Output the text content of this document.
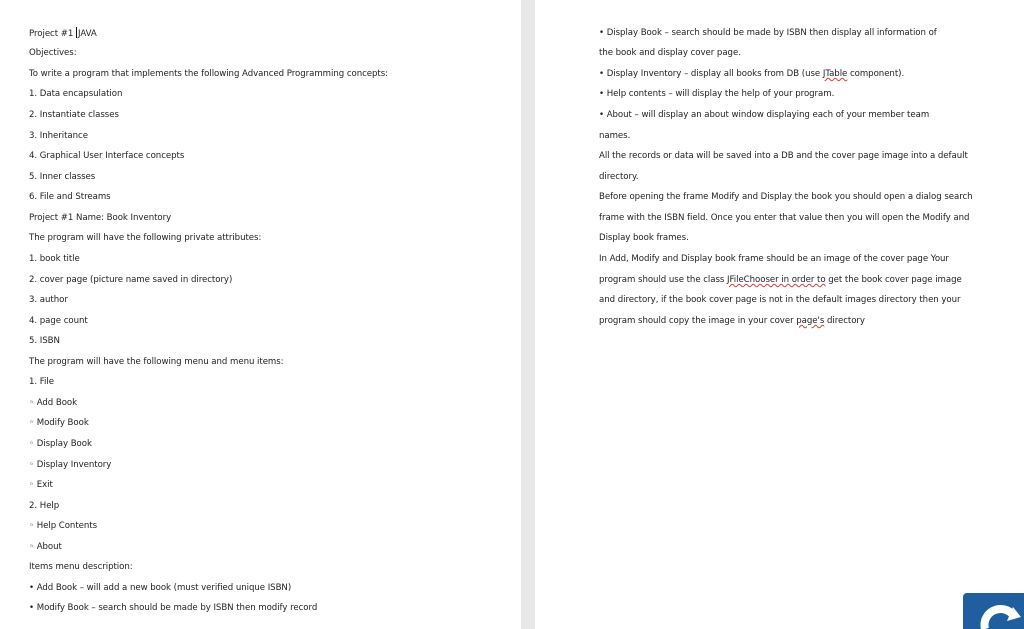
Project #1 JAVA
Objectives:
To write a program that implements the following Advanced Programming concepts:
1. Data encapsulation
2. Instantiate classes
3. Inheritance
4. Graphical User Interface concepts
5. Inner classes
6. File and Streams
Project #1 Name: Book Inventory
The program will have the following private attributes:
1. book title
2. cover page (picture name saved in directory)
3. author
4. page count
5. ISBN
The program will have the following menu and menu items:
1. File
◦ Add Book
◦ Modify Book
◦ Display Book
◦ Display Inventory
◦ Exit
2. Help
◦ Help Contents
◦ About
Items menu description:
• Add Book – will add a new book (must verified unique ISBN)
• Modify Book – search should be made by ISBN then modify record
• Display Book – search should be made by ISBN then display all information of
the book and display cover page.
• Display Inventory – display all books from DB (use JTable component).
• Help contents – will display the help of your program.
• About – will display an about window displaying each of your member team
names.
All the records or data will be saved into a DB and the cover page image into a default
directory.
Before opening the frame Modify and Display the book you should open a dialog search
frame with the ISBN field. Once you enter that value then you will open the Modify and
Display book frames.
In Add, Modify and Display book frame should be an image of the cover page Your
program should use the class JFileChooser in order to get the book cover page image
and directory, if the book cover page is not in the default images directory then your
program should copy the image in your cover page's directory
